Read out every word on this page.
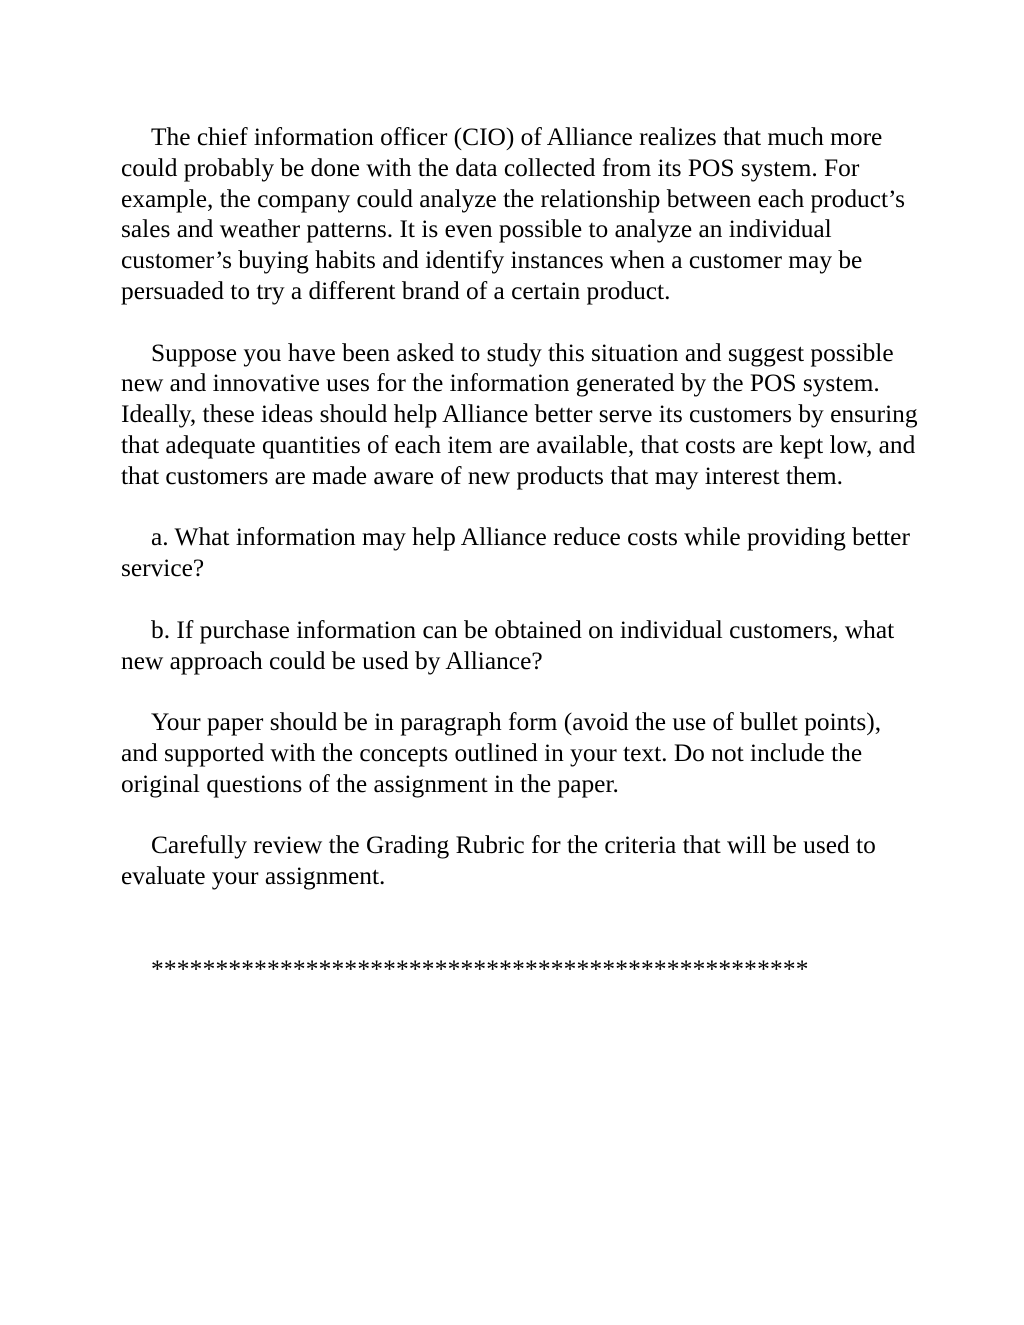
The chief information officer (CIO) of Alliance realizes that much more could probably be done with the data collected from its POS system. For example, the company could analyze the relationship between each product’s sales and weather patterns. It is even possible to analyze an individual customer’s buying habits and identify instances when a customer may be persuaded to try a different brand of a certain product.

Suppose you have been asked to study this situation and suggest possible new and innovative uses for the information generated by the POS system. Ideally, these ideas should help Alliance better serve its customers by ensuring that adequate quantities of each item are available, that costs are kept low, and that customers are made aware of new products that may interest them.

a. What information may help Alliance reduce costs while providing better service?

b. If purchase information can be obtained on individual customers, what new approach could be used by Alliance?

Your paper should be in paragraph form (avoid the use of bullet points), and supported with the concepts outlined in your text. Do not include the original questions of the assignment in the paper.

Carefully review the Grading Rubric for the criteria that will be used to evaluate your assignment.

***************************************************
